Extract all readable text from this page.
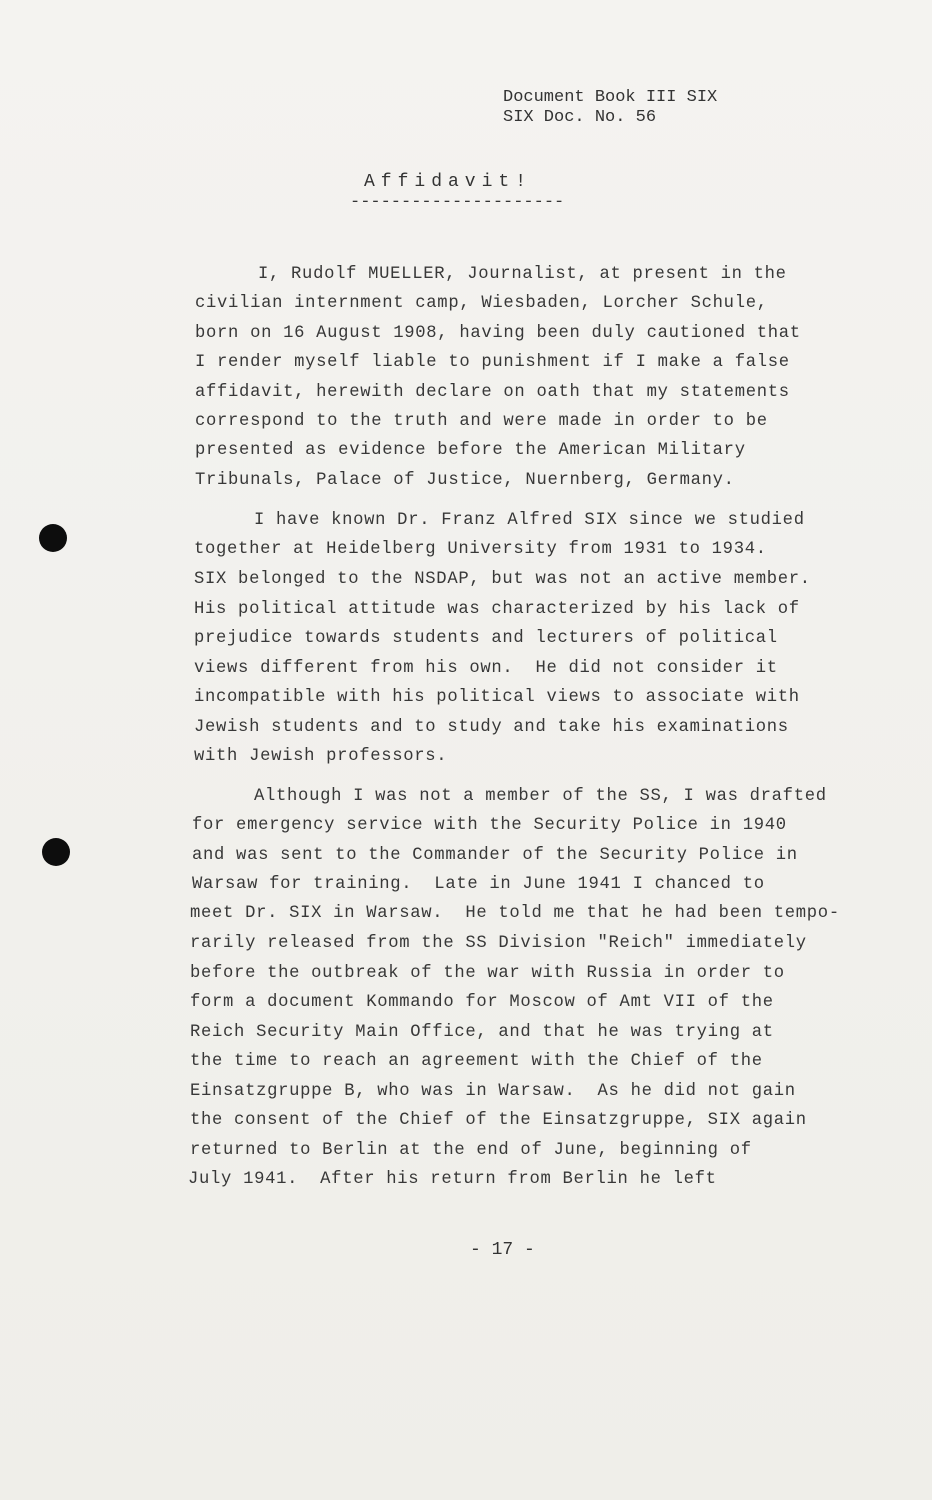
Document Book III SIX
SIX Doc. No. 56
Affidavit!
---------------------
I, Rudolf MUELLER, Journalist, at present in the
civilian internment camp, Wiesbaden, Lorcher Schule,
born on 16 August 1908, having been duly cautioned that
I render myself liable to punishment if I make a false
affidavit, herewith declare on oath that my statements
correspond to the truth and were made in order to be
presented as evidence before the American Military
Tribunals, Palace of Justice, Nuernberg, Germany.
I have known Dr. Franz Alfred SIX since we studied
together at Heidelberg University from 1931 to 1934.
SIX belonged to the NSDAP, but was not an active member.
His political attitude was characterized by his lack of
prejudice towards students and lecturers of political
views different from his own.  He did not consider it
incompatible with his political views to associate with
Jewish students and to study and take his examinations
with Jewish professors.
Although I was not a member of the SS, I was drafted
for emergency service with the Security Police in 1940
and was sent to the Commander of the Security Police in
Warsaw for training.  Late in June 1941 I chanced to
meet Dr. SIX in Warsaw.  He told me that he had been tempo-
rarily released from the SS Division "Reich" immediately
before the outbreak of the war with Russia in order to
form a document Kommando for Moscow of Amt VII of the
Reich Security Main Office, and that he was trying at
the time to reach an agreement with the Chief of the
Einsatzgruppe B, who was in Warsaw.  As he did not gain
the consent of the Chief of the Einsatzgruppe, SIX again
returned to Berlin at the end of June, beginning of
July 1941.  After his return from Berlin he left
- 17 -
